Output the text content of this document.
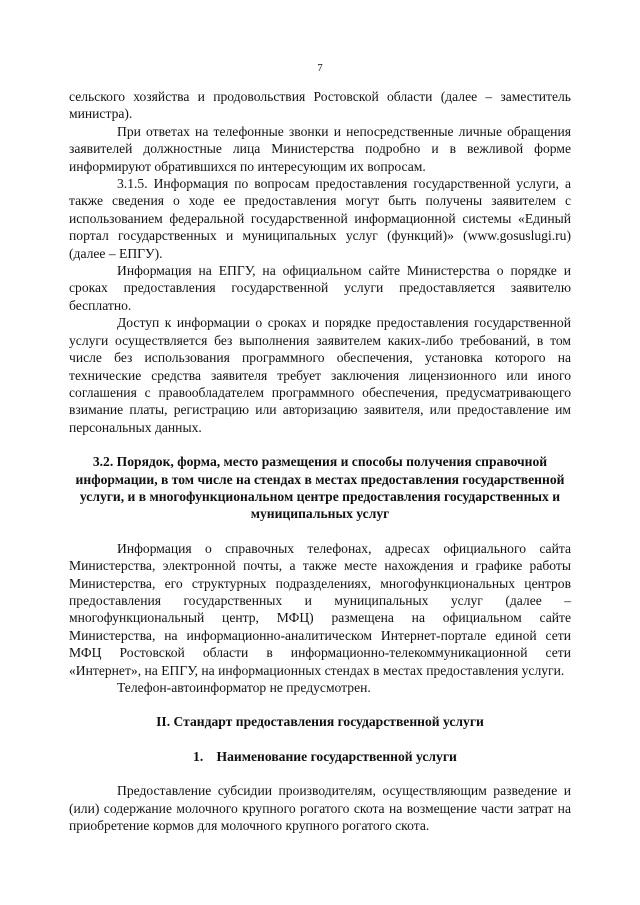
7

сельского хозяйства и продовольствия Ростовской области (далее – заместитель министра).

При ответах на телефонные звонки и непосредственные личные обращения заявителей должностные лица Министерства подробно и в вежливой форме информируют обратившихся по интересующим их вопросам.

3.1.5. Информация по вопросам предоставления государственной услуги, а также сведения о ходе ее предоставления могут быть получены заявителем с использованием федеральной государственной информационной системы «Единый портал государственных и муниципальных услуг (функций)» (www.gosuslugi.ru) (далее – ЕПГУ).

Информация на ЕПГУ, на официальном сайте Министерства о порядке и сроках предоставления государственной услуги предоставляется заявителю бесплатно.

Доступ к информации о сроках и порядке предоставления государственной услуги осуществляется без выполнения заявителем каких-либо требований, в том числе без использования программного обеспечения, установка которого на технические средства заявителя требует заключения лицензионного или иного соглашения с правообладателем программного обеспечения, предусматривающего взимание платы, регистрацию или авторизацию заявителя, или предоставление им персональных данных.

3.2. Порядок, форма, место размещения и способы получения справочной информации, в том числе на стендах в местах предоставления государственной услуги, и в многофункциональном центре предоставления государственных и муниципальных услуг

Информация о справочных телефонах, адресах официального сайта Министерства, электронной почты, а также месте нахождения и графике работы Министерства, его структурных подразделениях, многофункциональных центров предоставления государственных и муниципальных услуг (далее – многофункциональный центр, МФЦ) размещена на официальном сайте Министерства, на информационно-аналитическом Интернет-портале единой сети МФЦ Ростовской области в информационно-телекоммуникационной сети «Интернет», на ЕПГУ, на информационных стендах в местах предоставления услуги.

Телефон-автоинформатор не предусмотрен.

II. Стандарт предоставления государственной услуги

1. Наименование государственной услуги

Предоставление субсидии производителям, осуществляющим разведение и (или) содержание молочного крупного рогатого скота на возмещение части затрат на приобретение кормов для молочного крупного рогатого скота.
